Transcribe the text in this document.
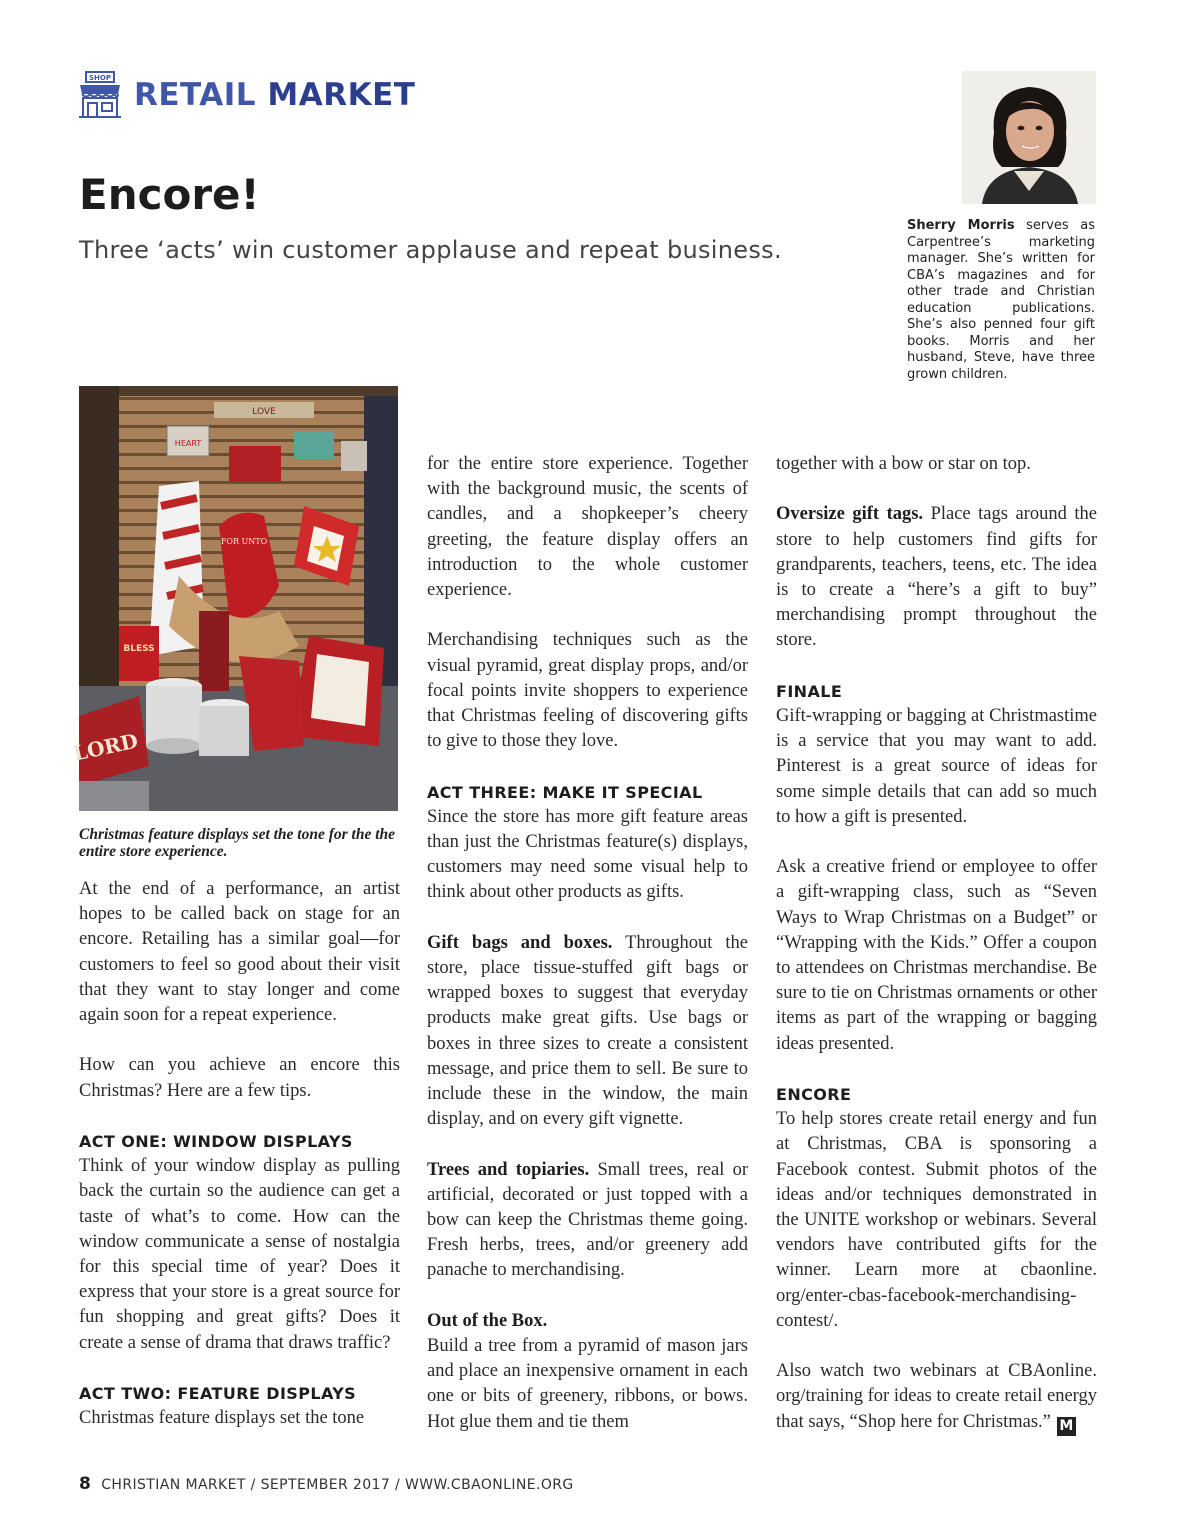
SHOP RETAIL MARKET
Encore!

Three ‘acts’ win customer applause and repeat business.

Sherry Morris serves as Carpentree’s marketing manager. She’s written for CBA’s magazines and for other trade and Christian education publications. She’s also penned four gift books. Morris and her husband, Steve, have three grown children.

LOVE
HEART
FOR UNTO
BLESS
LORD

Christmas feature displays set the tone for the the entire store experience.

At the end of a performance, an artist hopes to be called back on stage for an encore. Retailing has a similar goal—for customers to feel so good about their visit that they want to stay longer and come again soon for a repeat experience.

How can you achieve an encore this Christmas? Here are a few tips.

ACT ONE: WINDOW DISPLAYS

Think of your window display as pulling back the curtain so the audience can get a taste of what’s to come. How can the window communicate a sense of nostalgia for this special time of year? Does it express that your store is a great source for fun shopping and great gifts? Does it create a sense of drama that draws traffic?

ACT TWO: FEATURE DISPLAYS

Christmas feature displays set the tone

for the entire store experience. Together with the background music, the scents of candles, and a shopkeeper’s cheery greeting, the feature display offers an introduction to the whole customer experience.

Merchandising techniques such as the visual pyramid, great display props, and/or focal points invite shoppers to experience that Christmas feeling of discovering gifts to give to those they love.

ACT THREE: MAKE IT SPECIAL

Since the store has more gift feature areas than just the Christmas feature(s) displays, customers may need some visual help to think about other products as gifts.

Gift bags and boxes. Throughout the store, place tissue-stuffed gift bags or wrapped boxes to suggest that everyday products make great gifts. Use bags or boxes in three sizes to create a consistent message, and price them to sell. Be sure to include these in the window, the main display, and on every gift vignette.

Trees and topiaries. Small trees, real or artificial, decorated or just topped with a bow can keep the Christmas theme going. Fresh herbs, trees, and/or greenery add panache to merchandising.

Out of the Box.
Build a tree from a pyramid of mason jars and place an inexpensive ornament in each one or bits of greenery, ribbons, or bows. Hot glue them and tie them

together with a bow or star on top.

Oversize gift tags. Place tags around the store to help customers find gifts for grandparents, teachers, teens, etc. The idea is to create a “here’s a gift to buy” merchandising prompt throughout the store.

FINALE

Gift-wrapping or bagging at Christmastime is a service that you may want to add. Pinterest is a great source of ideas for some simple details that can add so much to how a gift is presented.

Ask a creative friend or employee to offer a gift-wrapping class, such as “Seven Ways to Wrap Christmas on a Budget” or “Wrapping with the Kids.” Offer a coupon to attendees on Christmas merchandise. Be sure to tie on Christmas ornaments or other items as part of the wrapping or bagging ideas presented.

ENCORE

To help stores create retail energy and fun at Christmas, CBA is sponsoring a Facebook contest. Submit photos of the ideas and/or techniques demonstrated in the UNITE workshop or webinars. Several vendors have contributed gifts for the winner. Learn more at cbaonline. org/enter-cbas-facebook-merchandising-contest/.

Also watch two webinars at CBAonline. org/training for ideas to create retail energy that says, “Shop here for Christmas.” M

8 CHRISTIAN MARKET / SEPTEMBER 2017 / WWW.CBAONLINE.ORG
